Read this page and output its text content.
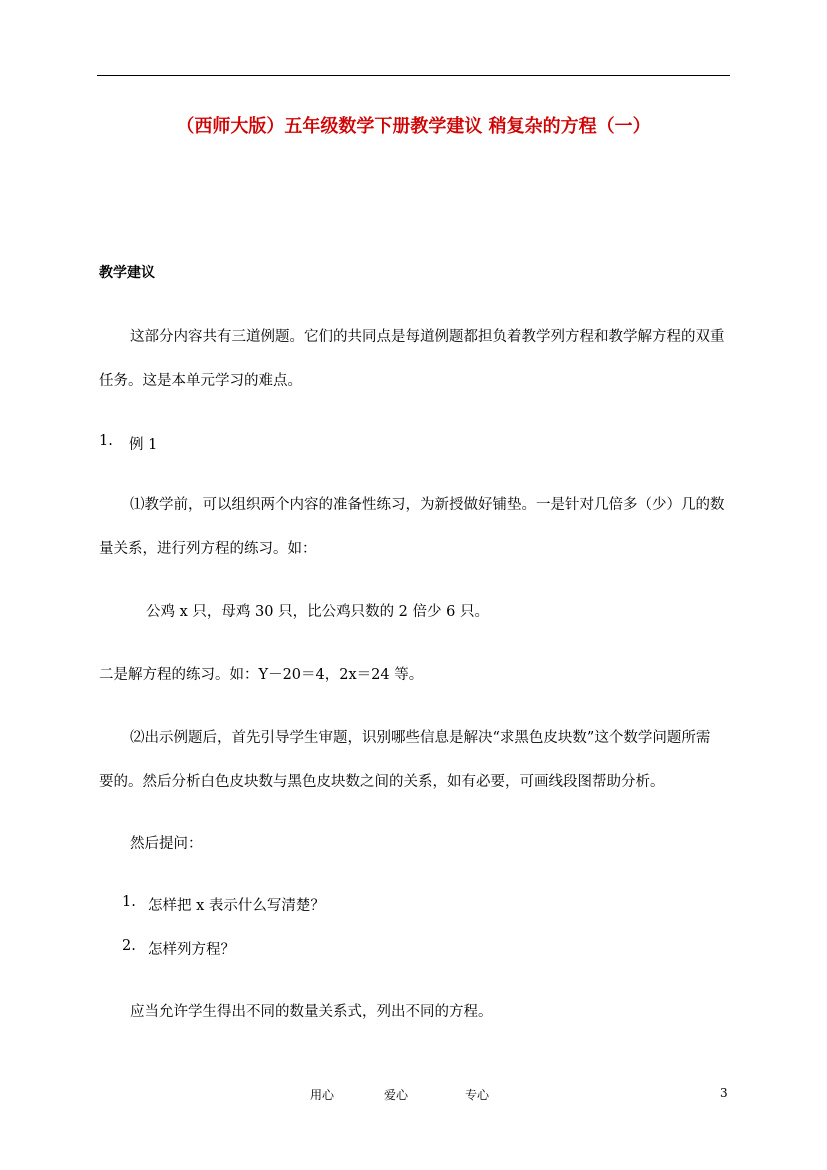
（西师大版）五年级数学下册教学建议 稍复杂的方程（一）
教学建议
这部分内容共有三道例题。它们的共同点是每道例题都担负着教学列方程和教学解方程的双重
任务。这是本单元学习的难点。
1. 例 1
⑴教学前，可以组织两个内容的准备性练习，为新授做好铺垫。一是针对几倍多（少）几的数
量关系，进行列方程的练习。如：
公鸡 x 只，母鸡 30 只，比公鸡只数的 2 倍少 6 只。
二是解方程的练习。如：Y－20＝4，2x＝24 等。
⑵出示例题后，首先引导学生审题，识别哪些信息是解决“求黑色皮块数”这个数学问题所需
要的。然后分析白色皮块数与黑色皮块数之间的关系，如有必要，可画线段图帮助分析。
然后提问：
1. 怎样把 x 表示什么写清楚？
2. 怎样列方程？
应当允许学生得出不同的数量关系式，列出不同的方程。
用心	爱心	专心	3
